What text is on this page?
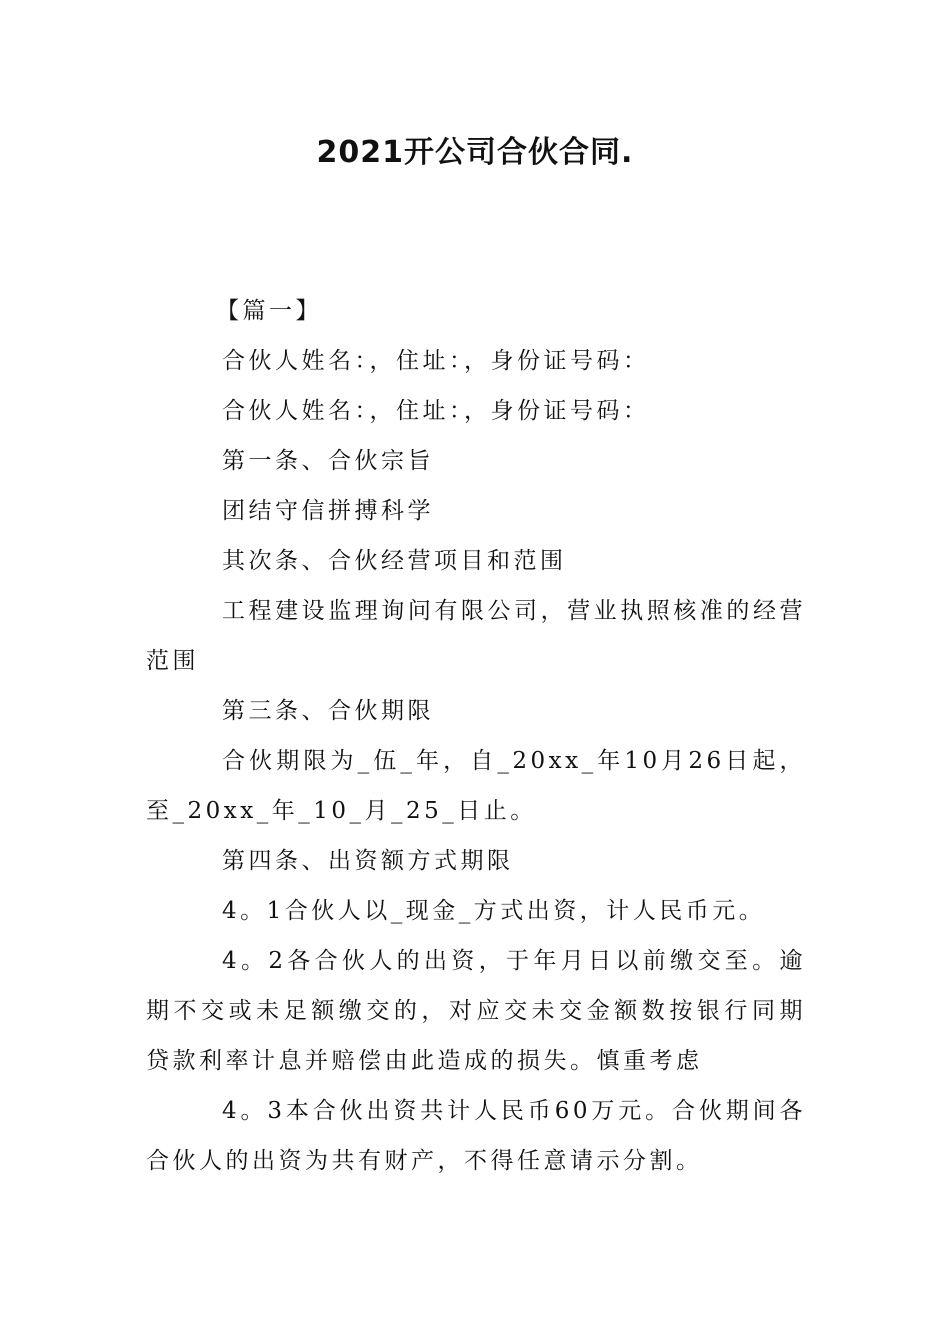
2021开公司合伙合同.

【篇一】

合伙人姓名：，住址：，身份证号码：

合伙人姓名：，住址：，身份证号码：

第一条、合伙宗旨

团结守信拼搏科学

其次条、合伙经营项目和范围

工程建设监理询问有限公司，营业执照核准的经营范围

第三条、合伙期限

合伙期限为_伍_年，自_20xx_年10月26日起，至_20xx_年_10_月_25_日止。

第四条、出资额方式期限

4。1合伙人以_现金_方式出资，计人民币元。

4。2各合伙人的出资，于年月日以前缴交至。逾期不交或未足额缴交的，对应交未交金额数按银行同期贷款利率计息并赔偿由此造成的损失。慎重考虑

4。3本合伙出资共计人民币60万元。合伙期间各合伙人的出资为共有财产，不得任意请示分割。
